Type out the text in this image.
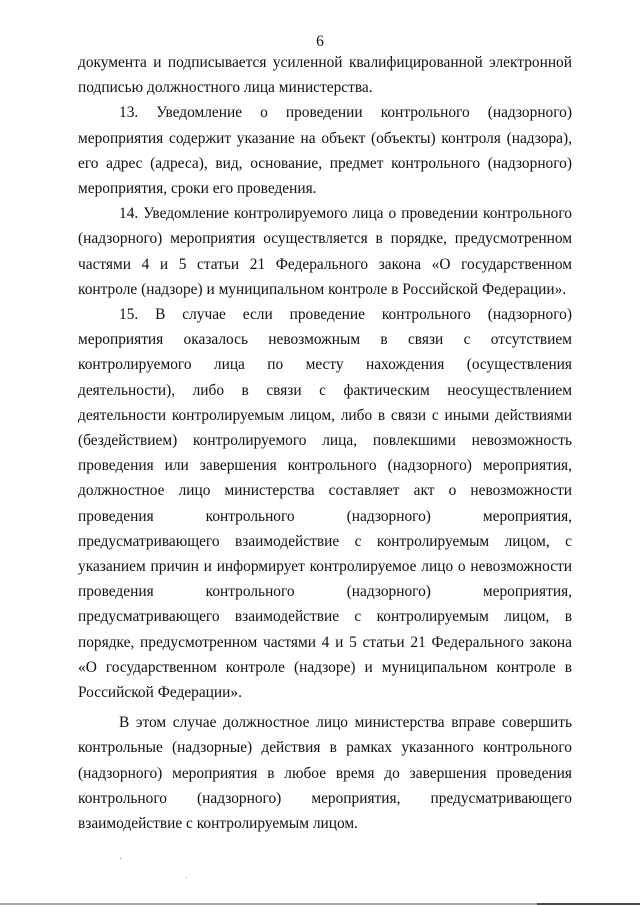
6

документа и подписывается усиленной квалифицированной электронной подписью должностного лица министерства.

13. Уведомление о проведении контрольного (надзорного) мероприятия содержит указание на объект (объекты) контроля (надзора), его адрес (адреса), вид, основание, предмет контрольного (надзорного) мероприятия, сроки его проведения.

14. Уведомление контролируемого лица о проведении контрольного (надзорного) мероприятия осуществляется в порядке, предусмотренном частями 4 и 5 статьи 21 Федерального закона «О государственном контроле (надзоре) и муниципальном контроле в Российской Федерации».

15. В случае если проведение контрольного (надзорного) мероприятия оказалось невозможным в связи с отсутствием контролируемого лица по месту нахождения (осуществления деятельности), либо в связи с фактическим неосуществлением деятельности контролируемым лицом, либо в связи с иными действиями (бездействием) контролируемого лица, повлекшими невозможность проведения или завершения контрольного (надзорного) мероприятия, должностное лицо министерства составляет акт о невозможности проведения контрольного (надзорного) мероприятия, предусматривающего взаимодействие с контролируемым лицом, с указанием причин и информирует контролируемое лицо о невозможности проведения контрольного (надзорного) мероприятия, предусматривающего взаимодействие с контролируемым лицом, в порядке, предусмотренном частями 4 и 5 статьи 21 Федерального закона «О государственном контроле (надзоре) и муниципальном контроле в Российской Федерации».

В этом случае должностное лицо министерства вправе совершить контрольные (надзорные) действия в рамках указанного контрольного (надзорного) мероприятия в любое время до завершения проведения контрольного (надзорного) мероприятия, предусматривающего взаимодействие с контролируемым лицом.
